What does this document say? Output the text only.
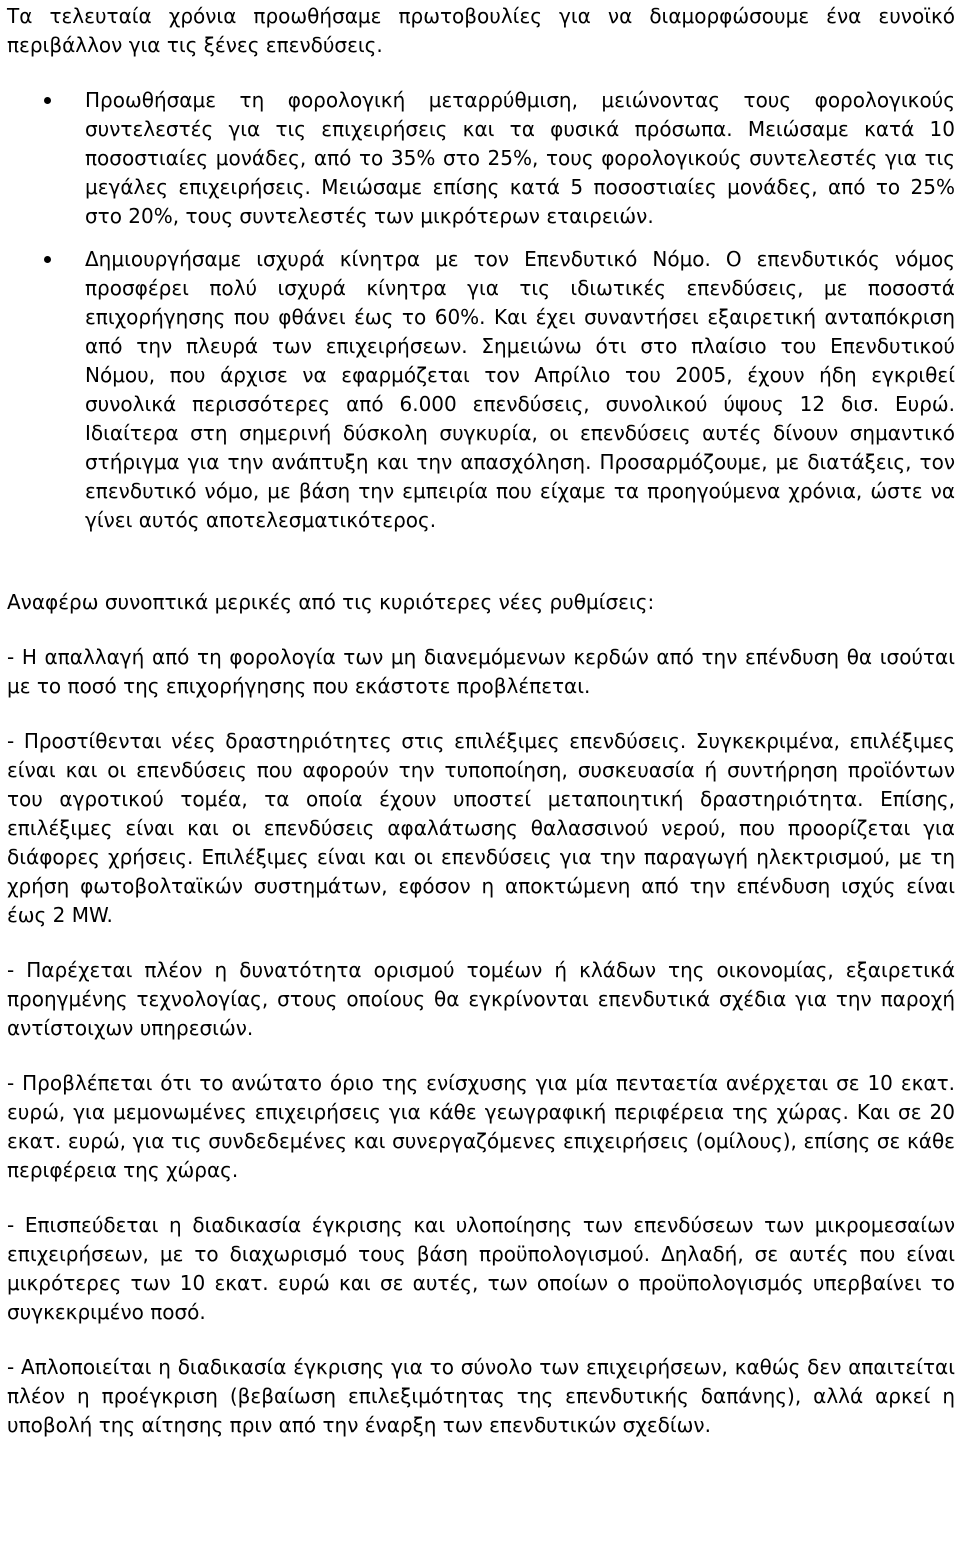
Τα τελευταία χρόνια προωθήσαμε πρωτοβουλίες για να διαμορφώσουμε ένα ευνοϊκό περιβάλλον για τις ξένες επενδύσεις.

Προωθήσαμε τη φορολογική μεταρρύθμιση, μειώνοντας τους φορολογικούς συντελεστές για τις επιχειρήσεις και τα φυσικά πρόσωπα. Μειώσαμε κατά 10 ποσοστιαίες μονάδες, από το 35% στο 25%, τους φορολογικούς συντελεστές για τις μεγάλες επιχειρήσεις. Μειώσαμε επίσης κατά 5 ποσοστιαίες μονάδες, από το 25% στο 20%, τους συντελεστές των μικρότερων εταιρειών.
Δημιουργήσαμε ισχυρά κίνητρα με τον Επενδυτικό Νόμο. Ο επενδυτικός νόμος προσφέρει πολύ ισχυρά κίνητρα για τις ιδιωτικές επενδύσεις, με ποσοστά επιχορήγησης που φθάνει έως το 60%. Και έχει συναντήσει εξαιρετική ανταπόκριση από την πλευρά των επιχειρήσεων. Σημειώνω ότι στο πλαίσιο του Επενδυτικού Νόμου, που άρχισε να εφαρμόζεται τον Απρίλιο του 2005, έχουν ήδη εγκριθεί συνολικά περισσότερες από 6.000 επενδύσεις, συνολικού ύψους 12 δισ. Ευρώ. Ιδιαίτερα στη σημερινή δύσκολη συγκυρία, οι επενδύσεις αυτές δίνουν σημαντικό στήριγμα για την ανάπτυξη και την απασχόληση. Προσαρμόζουμε, με διατάξεις, τον επενδυτικό νόμο, με βάση την εμπειρία που είχαμε τα προηγούμενα χρόνια, ώστε να γίνει αυτός αποτελεσματικότερος.

Αναφέρω συνοπτικά μερικές από τις κυριότερες νέες ρυθμίσεις:

- Η απαλλαγή από τη φορολογία των μη διανεμόμενων κερδών από την επένδυση θα ισούται με το ποσό της επιχορήγησης που εκάστοτε προβλέπεται.

- Προστίθενται νέες δραστηριότητες στις επιλέξιμες επενδύσεις. Συγκεκριμένα, επιλέξιμες είναι και οι επενδύσεις που αφορούν την τυποποίηση, συσκευασία ή συντήρηση προϊόντων του αγροτικού τομέα, τα οποία έχουν υποστεί μεταποιητική δραστηριότητα. Επίσης, επιλέξιμες είναι και οι επενδύσεις αφαλάτωσης θαλασσινού νερού, που προορίζεται για διάφορες χρήσεις. Επιλέξιμες είναι και οι επενδύσεις για την παραγωγή ηλεκτρισμού, με τη χρήση φωτοβολταϊκών συστημάτων, εφόσον η αποκτώμενη από την επένδυση ισχύς είναι έως 2 MW.

- Παρέχεται πλέον η δυνατότητα ορισμού τομέων ή κλάδων της οικονομίας, εξαιρετικά προηγμένης τεχνολογίας, στους οποίους θα εγκρίνονται επενδυτικά σχέδια για την παροχή αντίστοιχων υπηρεσιών.

- Προβλέπεται ότι το ανώτατο όριο της ενίσχυσης για μία πενταετία ανέρχεται σε 10 εκατ. ευρώ, για μεμονωμένες επιχειρήσεις για κάθε γεωγραφική περιφέρεια της χώρας. Και σε 20 εκατ. ευρώ, για τις συνδεδεμένες και συνεργαζόμενες επιχειρήσεις (ομίλους), επίσης σε κάθε περιφέρεια της χώρας.

- Επισπεύδεται η διαδικασία έγκρισης και υλοποίησης των επενδύσεων των μικρομεσαίων επιχειρήσεων, με το διαχωρισμό τους βάση προϋπολογισμού. Δηλαδή, σε αυτές που είναι μικρότερες των 10 εκατ. ευρώ και σε αυτές, των οποίων ο προϋπολογισμός υπερβαίνει το συγκεκριμένο ποσό.

- Απλοποιείται η διαδικασία έγκρισης για το σύνολο των επιχειρήσεων, καθώς δεν απαιτείται πλέον η προέγκριση (βεβαίωση επιλεξιμότητας της επενδυτικής δαπάνης), αλλά αρκεί η υποβολή της αίτησης πριν από την έναρξη των επενδυτικών σχεδίων.
